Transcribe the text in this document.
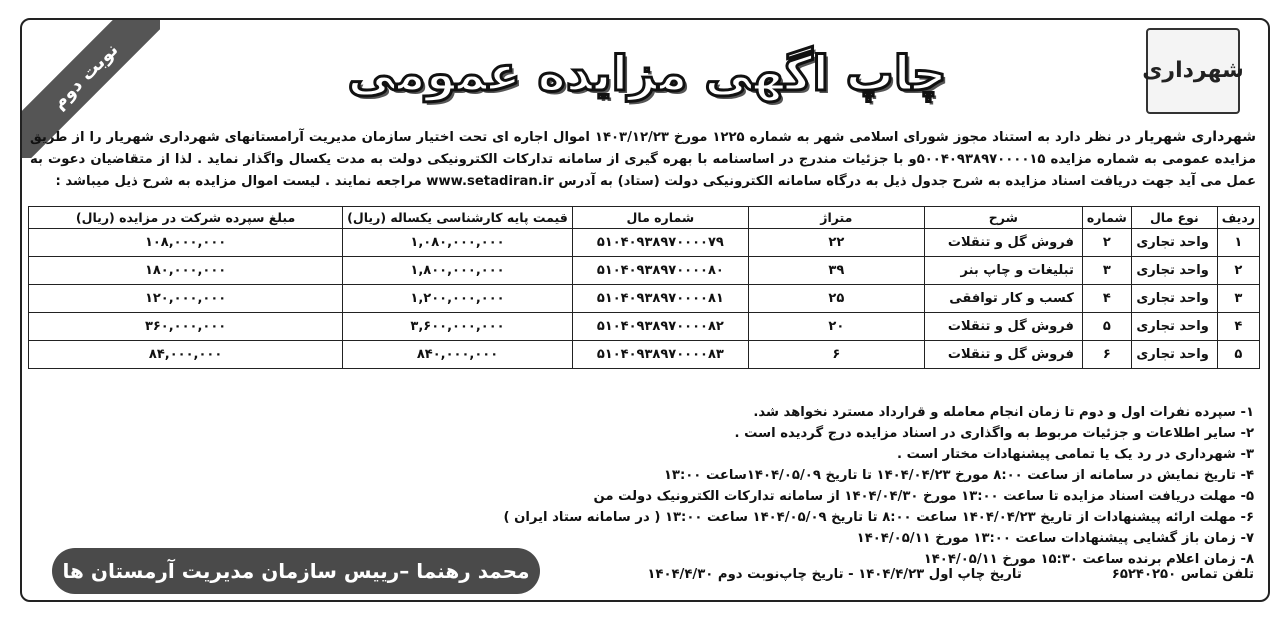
نوبت دوم	چاپ اگهی مزایده عمومی	شهرداری
شهرداری شهریار در نظر دارد به استناد مجوز شورای اسلامی شهر به شماره ۱۲۲۵ مورخ ۱۴۰۳/۱۲/۲۳ اموال اجاره ای تحت اختیار سازمان مدیریت آرامستانهای شهرداری شهریار را از طریق مزایده عمومی به شماره مزایده ۵۰۰۴۰۹۳۸۹۷۰۰۰۰۱۵و با جزئیات مندرج در اساسنامه با بهره گیری از سامانه تدارکات الکترونیکی دولت به مدت یکسال واگذار نماید . لذا از متقاضیان دعوت به عمل می آید جهت دریافت اسناد مزایده به شرح جدول ذیل به درگاه سامانه الکترونیکی دولت (ستاد) به آدرس www.setadiran.ir مراجعه نمایند . لیست اموال مزایده به شرح ذیل میباشد :
ردیف	نوع مال	شماره	شرح	متراژ	شماره مال	قیمت پایه کارشناسی یکساله (ریال)	مبلغ سپرده شرکت در مزایده (ریال)
۱	واحد تجاری	۲	فروش گل و تنقلات	۲۲	۵۱۰۴۰۹۳۸۹۷۰۰۰۰۷۹	۱,۰۸۰,۰۰۰,۰۰۰	۱۰۸,۰۰۰,۰۰۰
۲	واحد تجاری	۳	تبلیغات و چاپ بنر	۳۹	۵۱۰۴۰۹۳۸۹۷۰۰۰۰۸۰	۱,۸۰۰,۰۰۰,۰۰۰	۱۸۰,۰۰۰,۰۰۰
۳	واحد تجاری	۴	کسب و کار توافقی	۲۵	۵۱۰۴۰۹۳۸۹۷۰۰۰۰۸۱	۱,۲۰۰,۰۰۰,۰۰۰	۱۲۰,۰۰۰,۰۰۰
۴	واحد تجاری	۵	فروش گل و تنقلات	۲۰	۵۱۰۴۰۹۳۸۹۷۰۰۰۰۸۲	۳,۶۰۰,۰۰۰,۰۰۰	۳۶۰,۰۰۰,۰۰۰
۵	واحد تجاری	۶	فروش گل و تنقلات	۶	۵۱۰۴۰۹۳۸۹۷۰۰۰۰۸۳	۸۴۰,۰۰۰,۰۰۰	۸۴,۰۰۰,۰۰۰
۱- سپرده نفرات اول و دوم تا زمان انجام معامله و قرارداد مسترد نخواهد شد.
۲- سایر اطلاعات و جزئیات مربوط به واگذاری در اسناد مزایده درج گردیده است .
۳- شهرداری در رد یک یا تمامی پیشنهادات مختار است .
۴- تاریخ نمایش در سامانه از ساعت ۸:۰۰ مورخ ۱۴۰۴/۰۴/۲۳ تا تاریخ ۱۴۰۴/۰۵/۰۹ساعت ۱۳:۰۰
۵- مهلت دریافت اسناد مزایده تا ساعت ۱۳:۰۰ مورخ ۱۴۰۴/۰۴/۳۰ از سامانه تدارکات الکترونیک دولت من
۶- مهلت ارائه پیشنهادات از تاریخ ۱۴۰۴/۰۴/۲۳ ساعت ۸:۰۰ تا تاریخ ۱۴۰۴/۰۵/۰۹ ساعت ۱۳:۰۰ ( در سامانه ستاد ایران )
۷- زمان باز گشایی پیشنهادات ساعت ۱۳:۰۰ مورخ ۱۴۰۴/۰۵/۱۱
۸- زمان اعلام برنده ساعت ۱۵:۳۰ مورخ ۱۴۰۴/۰۵/۱۱
تلفن تماس ۶۵۲۴۰۲۵۰تاریخ چاپ اول ۱۴۰۴/۴/۲۳ - تاریخ چاپ‌نوبت دوم ۱۴۰۴/۴/۳۰
محمد رهنما –رییس سازمان مدیریت آرمستان ها
